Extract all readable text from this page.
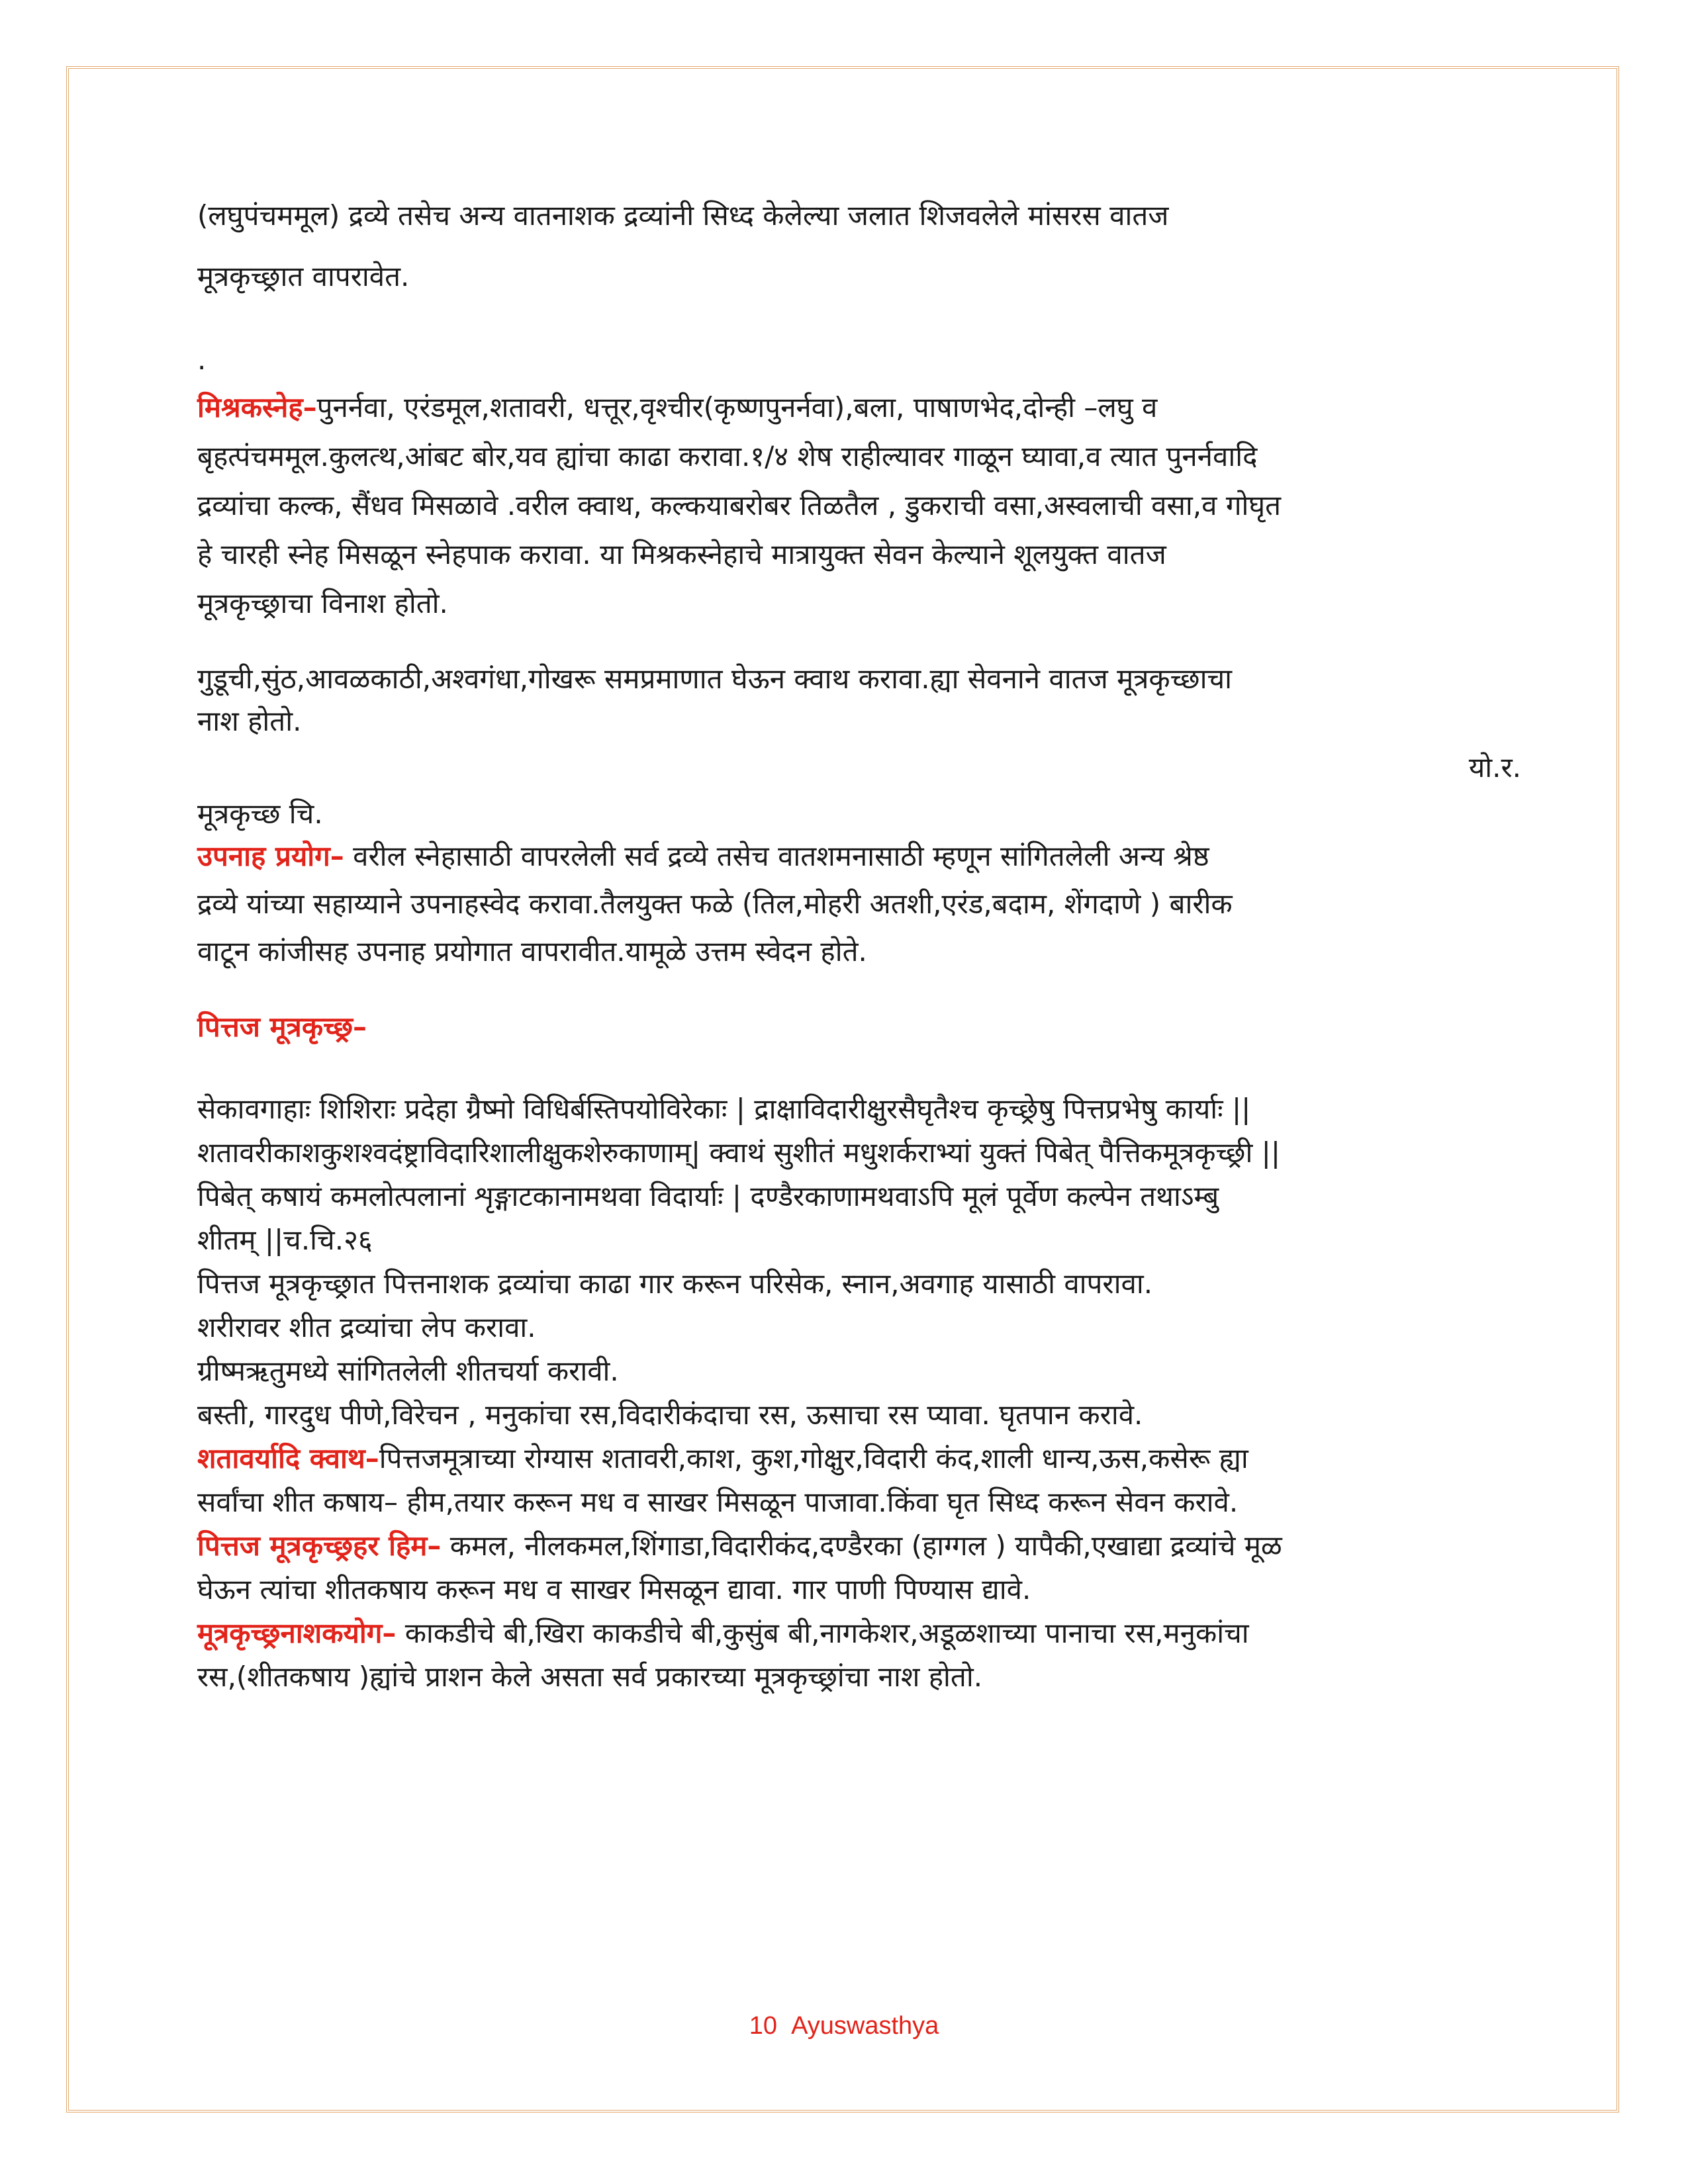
(लघुपंचममूल) द्रव्ये तसेच अन्य वातनाशक द्रव्यांनी सिध्द केलेल्या जलात शिजवलेले मांसरस वातज
मूत्रकृच्छ्रात वापरावेत.
.
मिश्रकस्नेह–पुनर्नवा, एरंडमूल,शतावरी, धत्तूर,वृश्चीर(कृष्णपुनर्नवा),बला, पाषाणभेद,दोन्ही –लघु व
बृहत्पंचममूल.कुलत्थ,आंबट बोर,यव ह्यांचा काढा करावा.१/४ शेष राहील्यावर गाळून घ्यावा,व त्यात पुनर्नवादि
द्रव्यांचा कल्क, सैंधव मिसळावे .वरील क्वाथ, कल्कयाबरोबर तिळतैल , डुकराची वसा,अस्वलाची वसा,व गोघृत
हे चारही स्नेह मिसळून स्नेहपाक करावा. या मिश्रकस्नेहाचे मात्रायुक्त सेवन केल्याने शूलयुक्त वातज
मूत्रकृच्छ्राचा विनाश होतो.
गुडूची,सुंठ,आवळकाठी,अश्वगंधा,गोखरू समप्रमाणात घेऊन क्वाथ करावा.ह्या सेवनाने वातज मूत्रकृच्छाचा
नाश होतो.
यो.र.
मूत्रकृच्छ चि.
उपनाह प्रयोग– वरील स्नेहासाठी वापरलेली सर्व द्रव्ये तसेच वातशमनासाठी म्हणून सांगितलेली अन्य श्रेष्ठ
द्रव्ये यांच्या सहाय्याने उपनाहस्वेद करावा.तैलयुक्त फळे (तिल,मोहरी अतशी,एरंड,बदाम, शेंगदाणे ) बारीक
वाटून कांजीसह उपनाह प्रयोगात वापरावीत.यामूळे उत्तम स्वेदन होते.
पित्तज मूत्रकृच्छ्र–
सेकावगाहाः शिशिराः प्रदेहा ग्रैष्मो विधिर्बस्तिपयोविरेकाः | द्राक्षाविदारीक्षुरसैघृतैश्च कृच्छ्रेषु पित्तप्रभेषु कार्याः ||
शतावरीकाशकुशश्वदंष्ट्राविदारिशालीक्षुकशेरुकाणाम्| क्वाथं सुशीतं मधुशर्कराभ्यां युक्तं पिबेत् पैत्तिकमूत्रकृच्छ्री ||
पिबेत् कषायं कमलोत्पलानां शृङ्गाटकानामथवा विदार्याः | दण्डैरकाणामथवाऽपि मूलं पूर्वेण कल्पेन तथाऽम्बु
शीतम् ||च.चि.२६
पित्तज मूत्रकृच्छ्रात पित्तनाशक द्रव्यांचा काढा गार करून परिसेक, स्नान,अवगाह यासाठी वापरावा.
शरीरावर शीत द्रव्यांचा लेप करावा.
ग्रीष्मऋतुमध्ये सांगितलेली शीतचर्या करावी.
बस्ती, गारदुध पीणे,विरेचन , मनुकांचा रस,विदारीकंदाचा रस, ऊसाचा रस प्यावा. घृतपान करावे.
शतावर्यादि क्वाथ–पित्तजमूत्राच्या रोग्यास शतावरी,काश, कुश,गोक्षुर,विदारी कंद,शाली धान्य,ऊस,कसेरू ह्या
सर्वांचा शीत कषाय– हीम,तयार करून मध व साखर मिसळून पाजावा.किंवा घृत सिध्द करून सेवन करावे.
पित्तज मूत्रकृच्छ्रहर हिम– कमल, नीलकमल,शिंगाडा,विदारीकंद,दण्डैरका (हाग्गल ) यापैकी,एखाद्या द्रव्यांचे मूळ
घेऊन त्यांचा शीतकषाय करून मध व साखर मिसळून द्यावा. गार पाणी पिण्यास द्यावे.
मूत्रकृच्छ्रनाशकयोग– काकडीचे बी,खिरा काकडीचे बी,कुसुंब बी,नागकेशर,अडूळशाच्या पानाचा रस,मनुकांचा
रस,(शीतकषाय )ह्यांचे प्राशन केले असता सर्व प्रकारच्या मूत्रकृच्छ्रांचा नाश होतो.
10 Ayuswasthya
